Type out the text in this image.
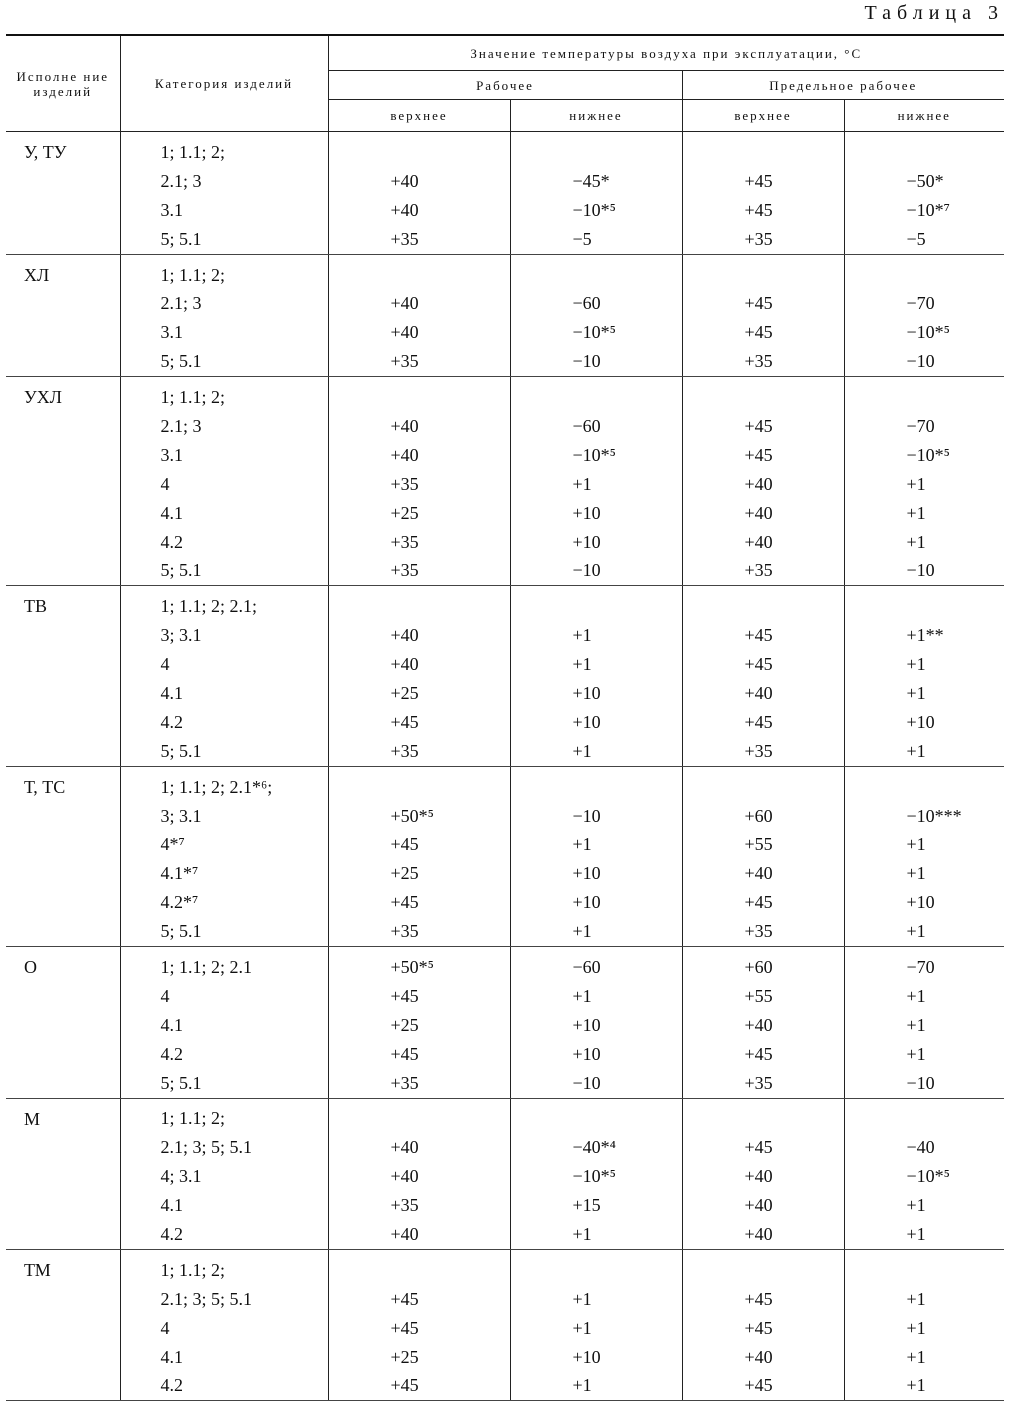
Таблица 3
Исполне ние изделий	Категория изделий	Значение температуры воздуха при эксплуатации, °С			
		Рабочее		Предельное рабочее	
		верхнее	нижнее	верхнее	нижнее
У, ТУ	1; 1.1; 2;				
	2.1; 3	+40	−45*	+45	−50*
	3.1	+40	−10*⁵	+45	−10*⁷
	5; 5.1	+35	−5	+35	−5
ХЛ	1; 1.1; 2;				
	2.1; 3	+40	−60	+45	−70
	3.1	+40	−10*⁵	+45	−10*⁵
	5; 5.1	+35	−10	+35	−10
УХЛ	1; 1.1; 2;				
	2.1; 3	+40	−60	+45	−70
	3.1	+40	−10*⁵	+45	−10*⁵
	4	+35	+1	+40	+1
	4.1	+25	+10	+40	+1
	4.2	+35	+10	+40	+1
	5; 5.1	+35	−10	+35	−10
ТВ	1; 1.1; 2; 2.1;				
	3; 3.1	+40	+1	+45	+1**
	4	+40	+1	+45	+1
	4.1	+25	+10	+40	+1
	4.2	+45	+10	+45	+10
	5; 5.1	+35	+1	+35	+1
Т, ТС	1; 1.1; 2; 2.1*⁶;				
	3; 3.1	+50*⁵	−10	+60	−10***
	4*⁷	+45	+1	+55	+1
	4.1*⁷	+25	+10	+40	+1
	4.2*⁷	+45	+10	+45	+10
	5; 5.1	+35	+1	+35	+1
О	1; 1.1; 2; 2.1	+50*⁵	−60	+60	−70
	4	+45	+1	+55	+1
	4.1	+25	+10	+40	+1
	4.2	+45	+10	+45	+1
	5; 5.1	+35	−10	+35	−10
М	1; 1.1; 2;				
	2.1; 3; 5; 5.1	+40	−40*⁴	+45	−40
	4; 3.1	+40	−10*⁵	+40	−10*⁵
	4.1	+35	+15	+40	+1
	4.2	+40	+1	+40	+1
ТМ	1; 1.1; 2;				
	2.1; 3; 5; 5.1	+45	+1	+45	+1
	4	+45	+1	+45	+1
	4.1	+25	+10	+40	+1
	4.2	+45	+1	+45	+1
